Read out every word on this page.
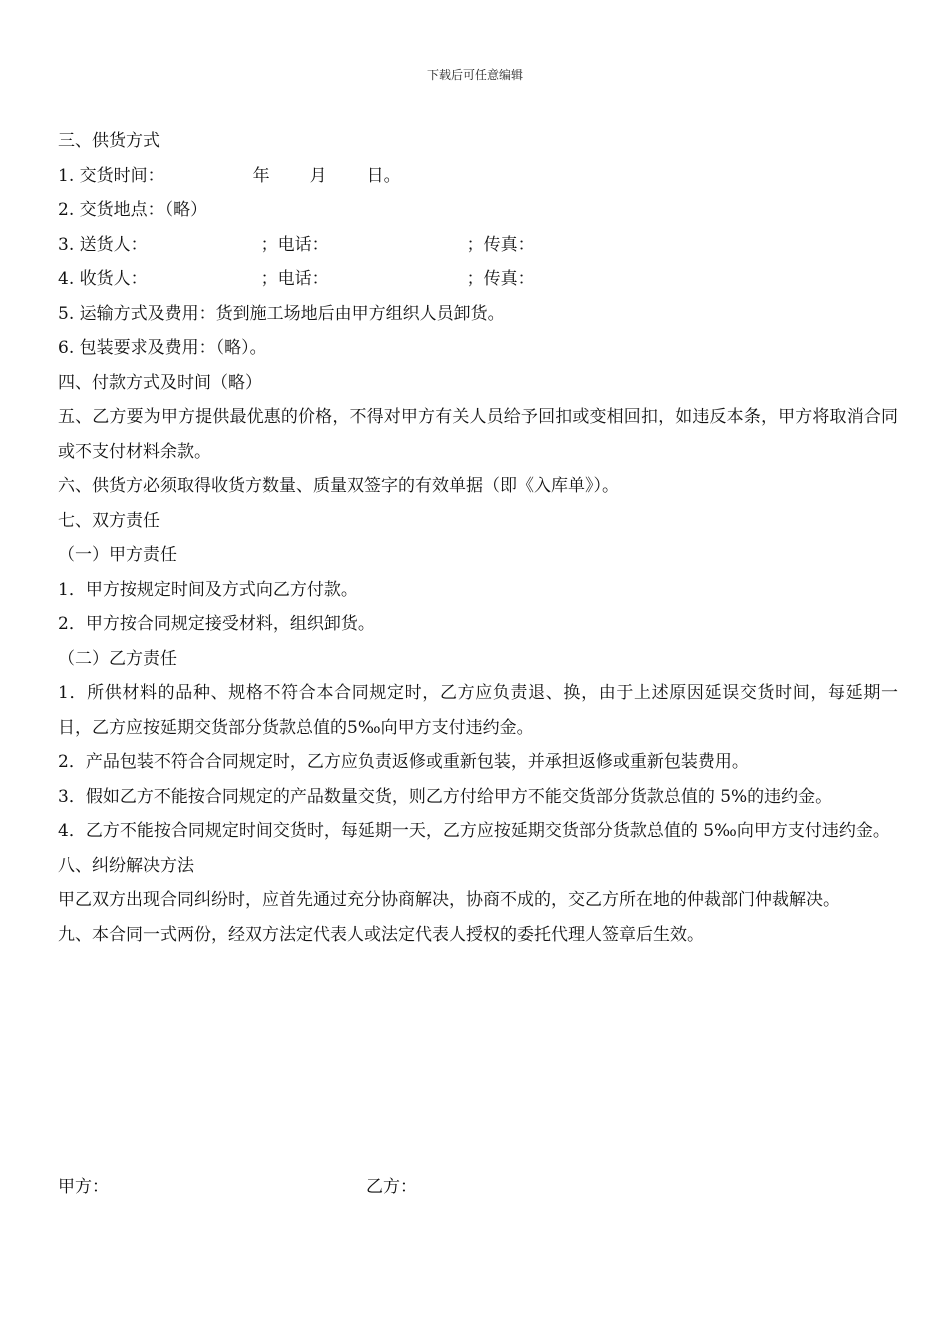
下载后可任意编辑
三、供货方式
1. 交货时间：	年 月 日。
2. 交货地点：（略）
3. 送货人：	；电话：	；传真：
4. 收货人：	；电话：	；传真：
5. 运输方式及费用：货到施工场地后由甲方组织人员卸货。
6. 包装要求及费用：（略）。
四、付款方式及时间（略）
五、乙方要为甲方提供最优惠的价格，不得对甲方有关人员给予回扣或变相回扣，如违反本条，甲方将取消合同或不支付材料余款。
六、供货方必须取得收货方数量、质量双签字的有效单据（即《入库单》）。
七、双方责任
（一）甲方责任
1．甲方按规定时间及方式向乙方付款。
2．甲方按合同规定接受材料，组织卸货。
（二）乙方责任
1．所供材料的品种、规格不符合本合同规定时，乙方应负责退、换，由于上述原因延误交货时间，每延期一日，乙方应按延期交货部分货款总值的5‰向甲方支付违约金。
2．产品包装不符合合同规定时，乙方应负责返修或重新包装，并承担返修或重新包装费用。
3．假如乙方不能按合同规定的产品数量交货，则乙方付给甲方不能交货部分货款总值的 5%的违约金。
4．乙方不能按合同规定时间交货时，每延期一天，乙方应按延期交货部分货款总值的 5‰向甲方支付违约金。
八、纠纷解决方法
甲乙双方出现合同纠纷时，应首先通过充分协商解决，协商不成的，交乙方所在地的仲裁部门仲裁解决。
九、本合同一式两份，经双方法定代表人或法定代表人授权的委托代理人签章后生效。
甲方：	乙方：
